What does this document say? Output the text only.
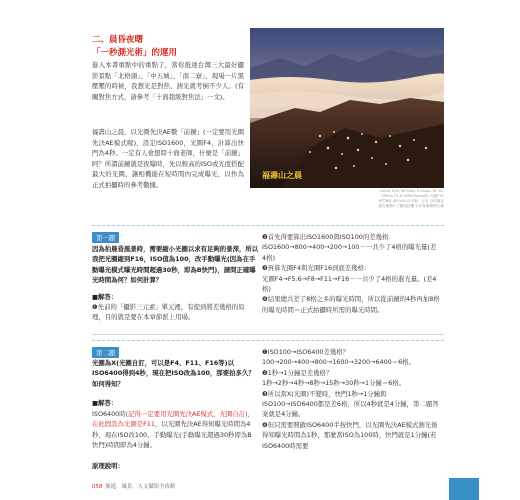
二、晨昏夜曙
「一秒測光術」的運用

進入本書重點中的重點了，當你抵達台灣三大最好攝影景點「北格頭」、「中五城」、「南二寮」，現場一片黑壓壓的時候，我想光是對焦、測光就考倒不少人。(有關對焦方式，請參考「十面超級對焦法」一文)。

福壽山之晨，以光圈先決AE數「前鏡」(一定要用光圈先決AE模式喔)，設定ISO1600，光圈F4，計算出快門為4秒。一定有人會想問十面老師，什麼是「前鏡」阿？所謂前鏡就是夜曝時，先以較高的ISO或光度搭配最大的光圈，讓相機能在短時間內完成曝光，以作為正式拍攝時的參考數據。

福壽山之晨
Canon EOS 5D Mark II Canon EF 16-35mm F2.8 USM(35mm時) 光圈F11 快門8秒 ISO100 白平衡：日光 分段測光 曝光補償0 三腳架拍攝 以中灰漸層減光鏡
第一題
因為拍晨昏風景時，需要縮小光圈以求有足夠的景深，所以我把光圈縮到F16，ISO值為100，改手動曝光(因為在手動曝光模式曝光時間超過30秒，即為B快門)，請問正確曝光時間為何？如何計算？
■解答：
❶先前的「攝影三元素」單元裡，有提到將差幾格的原理，目的就是要在本章節派上用場。
❷首先得要算出ISO1600與ISO100的差幾格：
ISO1600→800→400→200→100－一共少了4格的曝光量(差4格)
❸再算光圈F4與光圈F16到底差幾格：
光圈F4→F5.6→F8→F11→F16－一共少了4格的進光量。(差4格)
❹結果總共差了8格之多的曝光時間，所以從前鏡的4秒再加8格的曝光時間＝正式拍攝時所需的曝光時間。
第二題
光圈為X(光圈自訂，可以是F4、F11、F16等)以ISO6400得到4秒，現在把ISO改為100，那要拍多久？如何得知？
■解答：
ISO6400時(記得一定要用光圈先決AE模式，光圈自訂)，在此假設為光圈是F11，以光圈先決AE得知曝光時間為4秒，現在ISO改100，手動曝光(手動曝光超過30秒即為B快門)時間即為4分鐘。
原理說明：
❶ISO100→ISO6400差幾格？
100→200→400→800→1600→3200→6400＝6格。
❷1秒→1分鐘是差幾格？
1秒→2秒→4秒→8秒→15秒→30秒→1分鐘＝6格。
❸所以當X(光圈)不變時，快門1秒→1分鐘與ISO100→ISO6400都是差6格，所以4秒就是4分鐘，第二題答案就是4分鐘。
❹但只需要開啟ISO6400半按快門，以光圈先決AE模式測光後得知曝光時間為1秒，那麼當ISO為100時，快門就是1分鐘(若ISO6400時需要
058 旅遊．風景．人文攝影全攻略
